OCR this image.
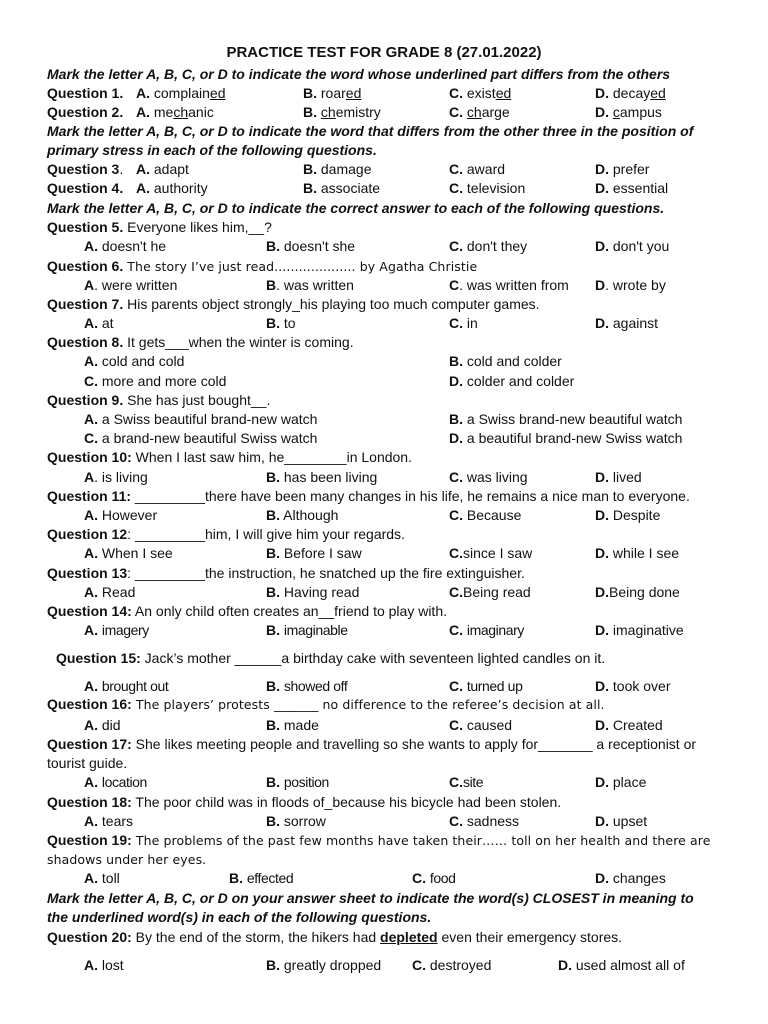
PRACTICE TEST FOR GRADE 8 (27.01.2022)
Mark the letter A, B, C, or D to indicate the word whose underlined part differs from the others
Question 1. A. complained	B. roared	C. existed	D. decayed
Question 2. A. mechanic	B. chemistry	C. charge	D. campus
Mark the letter A, B, C, or D to indicate the word that differs from the other three in the position of
primary stress in each of the following questions.
Question 3. A. adapt	B. damage	C. award	D. prefer
Question 4. A. authority	B. associate	C. television	D. essential
Mark the letter A, B, C, or D to indicate the correct answer to each of the following questions.
Question 5. Everyone likes him,__?
A. doesn't he	B. doesn't she	C. don't they	D. don't you
Question 6. The story I’ve just read.................... by Agatha Christie
A. were written	B. was written	C. was written from D. wrote by
Question 7. His parents object strongly_his playing too much computer games.
A. at	B. to	C. in	D. against
Question 8. It gets___when the winter is coming.
A. cold and cold	B. cold and colder
C. more and more cold	D. colder and colder
Question 9. She has just bought__.
A. a Swiss beautiful brand-new watch	B. a Swiss brand-new beautiful watch
C. a brand-new beautiful Swiss watch	D. a beautiful brand-new Swiss watch
Question 10: When I last saw him, he________in London.
A. is living	B. has been living	C. was living	D. lived
Question 11: _________there have been many changes in his life, he remains a nice man to everyone.
A. However	B. Although	C. Because	D. Despite
Question 12: _________him, I will give him your regards.
A. When I see	B. Before I saw	C.since I saw	D. while I see
Question 13: _________the instruction, he snatched up the fire extinguisher.
A. Read	B. Having read	C.Being read	D.Being done
Question 14: An only child often creates an__friend to play with.
A. imagery	B. imaginable	C. imaginary	D. imaginative
Question 15: Jack’s mother ______a birthday cake with seventeen lighted candles on it.
A. brought out	B. showed off	C. turned up	D. took over
Question 16: The players’ protests _______ no difference to the referee’s decision at all.
A. did	B. made	C. caused	D. Created
Question 17: She likes meeting people and travelling so she wants to apply for_______ a receptionist or
tourist guide.
A. location	B. position	C.site	D. place
Question 18: The poor child was in floods of_because his bicycle had been stolen.
A. tears	B. sorrow	C. sadness	D. upset
Question 19: The problems of the past few months have taken their…… toll on her health and there are
shadows under her eyes.
A. toll	B. effected	C. food	D. changes
Mark the letter A, B, C, or D on your answer sheet to indicate the word(s) CLOSEST in meaning to
the underlined word(s) in each of the following questions.
Question 20: By the end of the storm, the hikers had depleted even their emergency stores.
A. lost	B. greatly dropped C. destroyed	D. used almost all of
